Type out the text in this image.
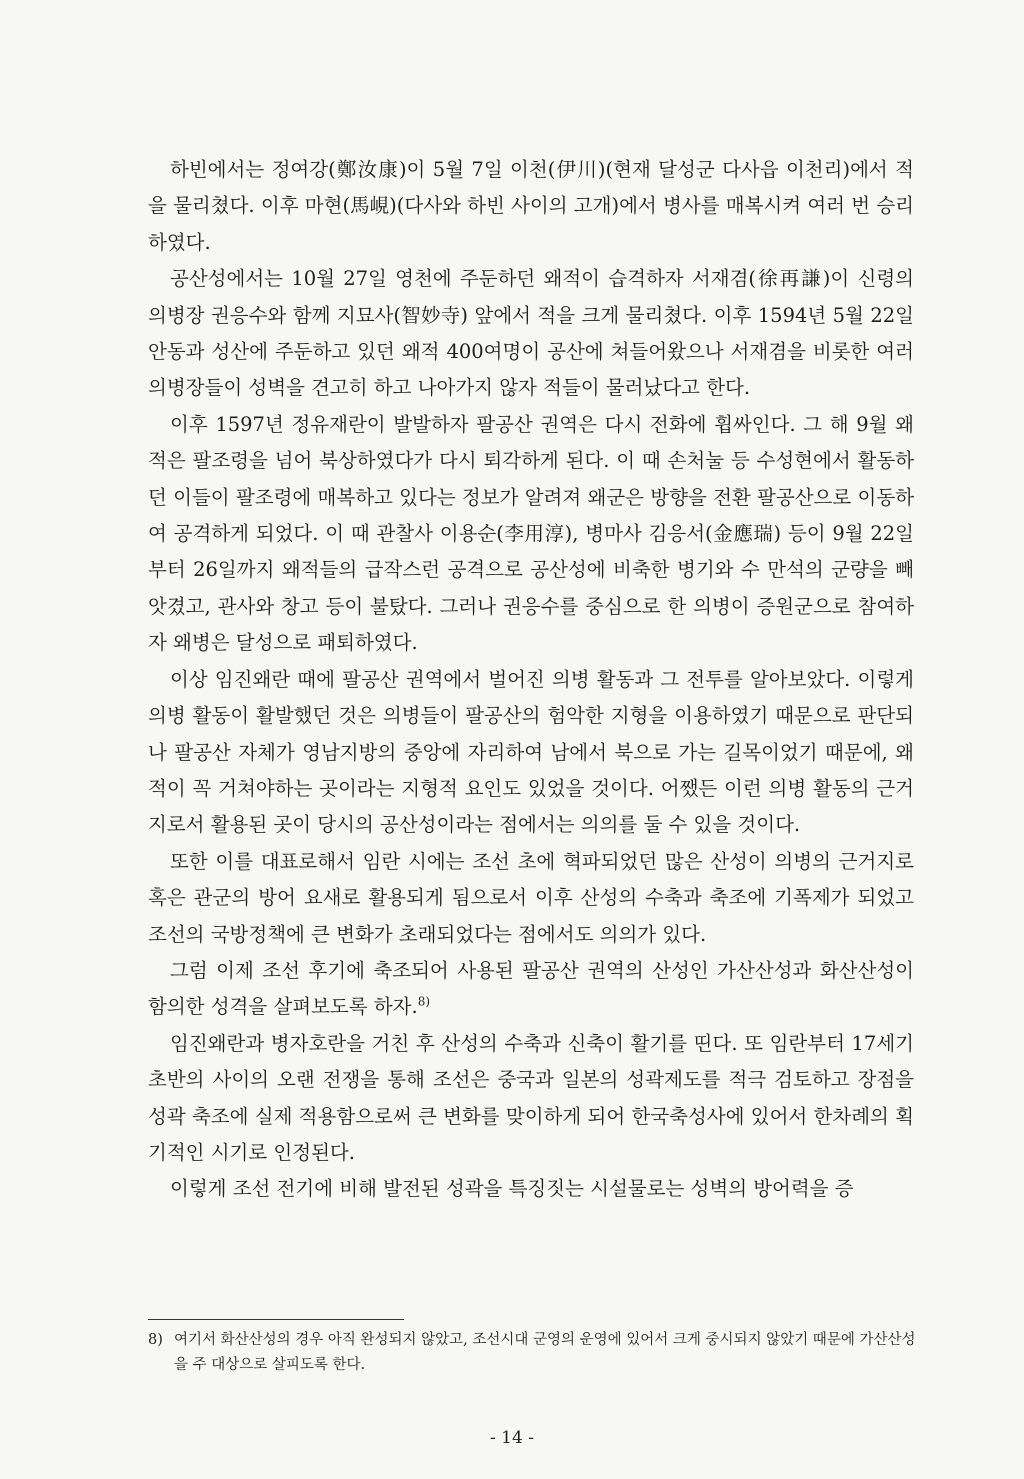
하빈에서는 정여강(鄭汝康)이 5월 7일 이천(伊川)(현재 달성군 다사읍 이천리)에서 적을 물리쳤다. 이후 마현(馬峴)(다사와 하빈 사이의 고개)에서 병사를 매복시켜 여러 번 승리하였다.

공산성에서는 10월 27일 영천에 주둔하던 왜적이 습격하자 서재겸(徐再謙)이 신령의 의병장 권응수와 함께 지묘사(智妙寺) 앞에서 적을 크게 물리쳤다. 이후 1594년 5월 22일 안동과 성산에 주둔하고 있던 왜적 400여명이 공산에 쳐들어왔으나 서재겸을 비롯한 여러 의병장들이 성벽을 견고히 하고 나아가지 않자 적들이 물러났다고 한다.

이후 1597년 정유재란이 발발하자 팔공산 권역은 다시 전화에 휩싸인다. 그 해 9월 왜적은 팔조령을 넘어 북상하였다가 다시 퇴각하게 된다. 이 때 손처눌 등 수성현에서 활동하던 이들이 팔조령에 매복하고 있다는 정보가 알려져 왜군은 방향을 전환 팔공산으로 이동하여 공격하게 되었다. 이 때 관찰사 이용순(李用淳), 병마사 김응서(金應瑞) 등이 9월 22일부터 26일까지 왜적들의 급작스런 공격으로 공산성에 비축한 병기와 수 만석의 군량을 빼앗겼고, 관사와 창고 등이 불탔다. 그러나 권응수를 중심으로 한 의병이 증원군으로 참여하자 왜병은 달성으로 패퇴하였다.

이상 임진왜란 때에 팔공산 권역에서 벌어진 의병 활동과 그 전투를 알아보았다. 이렇게 의병 활동이 활발했던 것은 의병들이 팔공산의 험악한 지형을 이용하였기 때문으로 판단되나 팔공산 자체가 영남지방의 중앙에 자리하여 남에서 북으로 가는 길목이었기 때문에, 왜적이 꼭 거쳐야하는 곳이라는 지형적 요인도 있었을 것이다. 어쨌든 이런 의병 활동의 근거지로서 활용된 곳이 당시의 공산성이라는 점에서는 의의를 둘 수 있을 것이다.

또한 이를 대표로해서 임란 시에는 조선 초에 혁파되었던 많은 산성이 의병의 근거지로 혹은 관군의 방어 요새로 활용되게 됨으로서 이후 산성의 수축과 축조에 기폭제가 되었고 조선의 국방정책에 큰 변화가 초래되었다는 점에서도 의의가 있다.

그럼 이제 조선 후기에 축조되어 사용된 팔공산 권역의 산성인 가산산성과 화산산성이 함의한 성격을 살펴보도록 하자.$^{8)}$

임진왜란과 병자호란을 거친 후 산성의 수축과 신축이 활기를 띤다. 또 임란부터 17세기 초반의 사이의 오랜 전쟁을 통해 조선은 중국과 일본의 성곽제도를 적극 검토하고 장점을 성곽 축조에 실제 적용함으로써 큰 변화를 맞이하게 되어 한국축성사에 있어서 한차례의 획기적인 시기로 인정된다.

이렇게 조선 전기에 비해 발전된 성곽을 특징짓는 시설물로는 성벽의 방어력을 증

8) 여기서 화산산성의 경우 아직 완성되지 않았고, 조선시대 군영의 운영에 있어서 크게 중시되지 않았기 때문에 가산산성을 주 대상으로 살피도록 한다.
- 14 -
